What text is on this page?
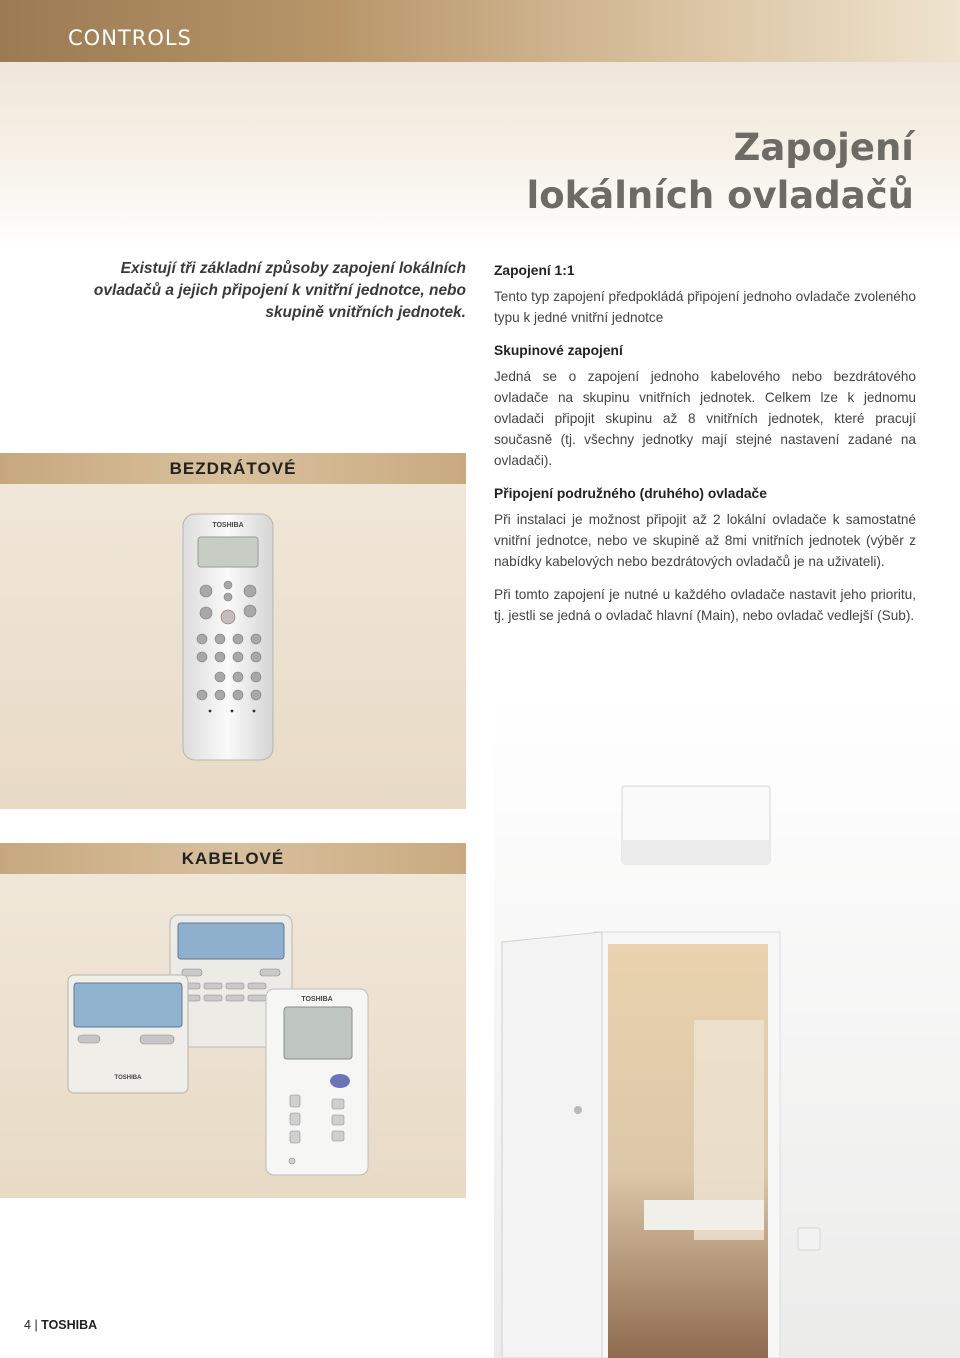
CONTROLS
Zapojení
lokálních ovladačů
Existují tři základní způsoby zapojení lokálních ovladačů a jejich připojení k vnitřní jednotce, nebo skupině vnitřních jednotek.
Zapojení 1:1

Tento typ zapojení předpokládá připojení jednoho ovladače zvoleného typu k jedné vnitřní jednotce

Skupinové zapojení

Jedná se o zapojení jednoho kabelového nebo bezdrátového ovladače na skupinu vnitřních jednotek. Celkem lze k jednomu ovladači připojit skupinu až 8 vnitřních jednotek, které pracují současně (tj. všechny jednotky mají stejné nastavení zadané na ovladači).

Připojení podružného (druhého) ovladače

Při instalaci je možnost připojit až 2 lokální ovladače k samostatné vnitřní jednotce, nebo ve skupině až 8mi vnitřních jednotek (výběr z nabídky kabelových nebo bezdrátových ovladačů je na uživateli).

Při tomto zapojení je nutné u každého ovladače nastavit jeho prioritu, tj. jestli se jedná o ovladač hlavní (Main), nebo ovladač vedlejší (Sub).

BEZDRÁTOVÉ
TOSHIBA
KABELOVÉ
TOSHIBA
TOSHIBA
4 | TOSHIBA
